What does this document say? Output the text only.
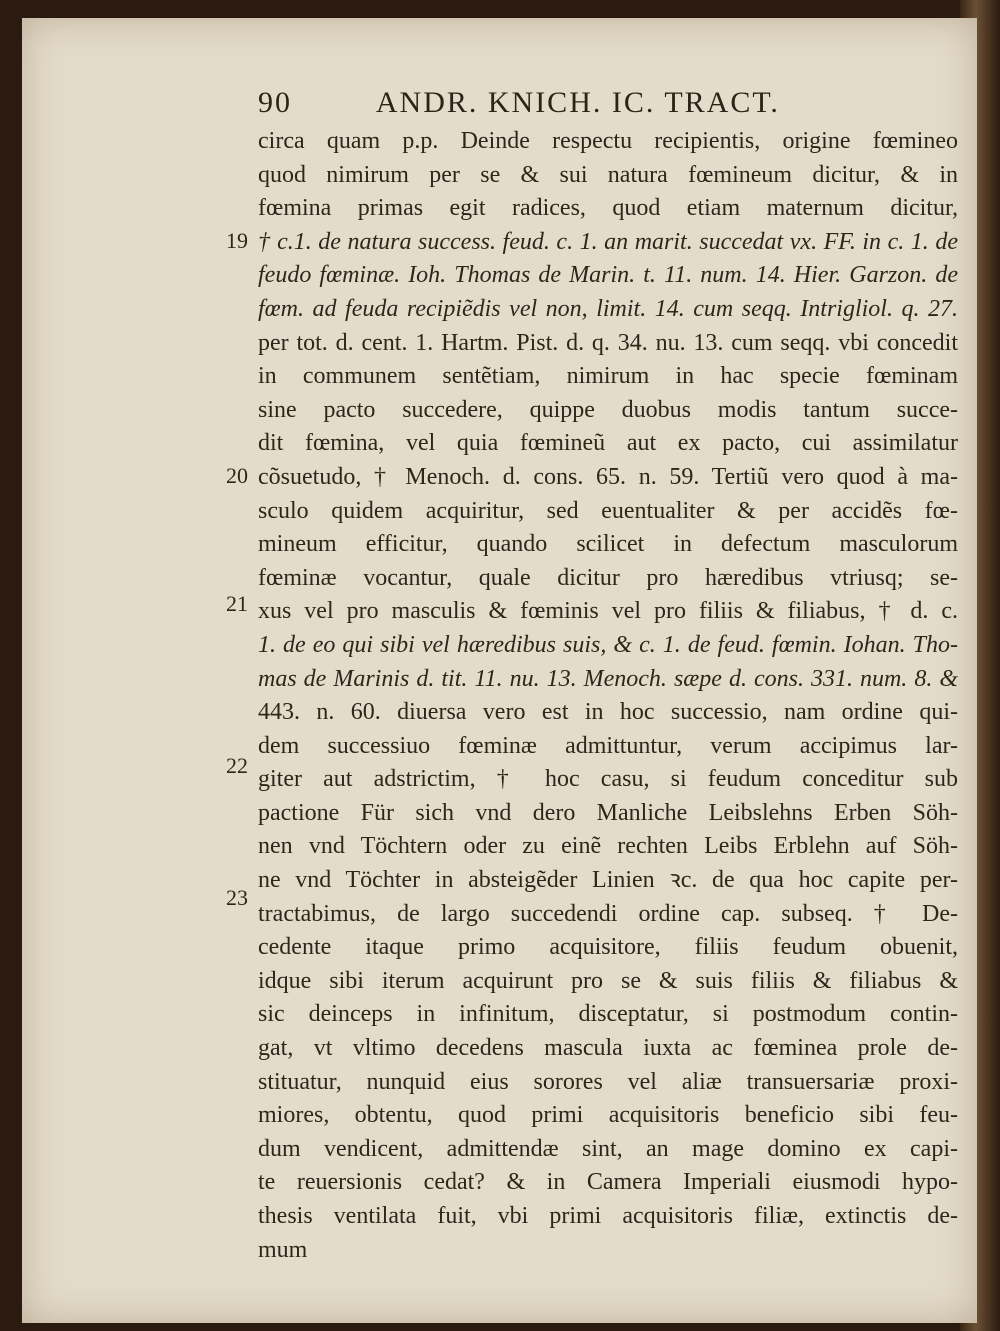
90	ANDR. KNICH. IC. TRACT.
19
20
21
22
23
circa quam p.p. Deinde respectu recipientis, origine fœmineo
quod nimirum per se & sui natura fœmineum dicitur, & in
fœmina primas egit radices, quod etiam maternum dicitur,
† c.1. de natura success. feud. c. 1. an marit. succedat vx. FF. in c. 1. de
feudo fœminæ. Ioh. Thomas de Marin. t. 11. num. 14. Hier. Garzon. de
fœm. ad feuda recipiẽdis vel non, limit. 14. cum seqq. Intrigliol. q. 27.
per tot. d. cent. 1. Hartm. Pist. d. q. 34. nu. 13. cum seqq. vbi concedit
in communem sentẽtiam, nimirum in hac specie fœminam
sine pacto succedere, quippe duobus modis tantum succe-
dit fœmina, vel quia fœmineũ aut ex pacto, cui assimilatur
cõsuetudo, † Menoch. d. cons. 65. n. 59. Tertiũ vero quod à ma-
sculo quidem acquiritur, sed euentualiter & per accidẽs fœ-
mineum efficitur, quando scilicet in defectum masculorum
fœminæ vocantur, quale dicitur pro hæredibus vtriusq; se-
xus vel pro masculis & fœminis vel pro filiis & filiabus, † d. c.
1. de eo qui sibi vel hæredibus suis, & c. 1. de feud. fœmin. Iohan. Tho-
mas de Marinis d. tit. 11. nu. 13. Menoch. sæpe d. cons. 331. num. 8. &
443. n. 60. diuersa vero est in hoc successio, nam ordine qui-
dem successiuo fœminæ admittuntur, verum accipimus lar-
giter aut adstrictim, † hoc casu, si feudum conceditur sub
pactione Für sich vnd dero Manliche Leibslehns Erben Söh-
nen vnd Töchtern oder zu einẽ rechten Leibs Erblehn auf Söh-
ne vnd Töchter in absteigẽder Linien ꝛc. de qua hoc capite per-
tractabimus, de largo succedendi ordine cap. subseq. † De-
cedente itaque primo acquisitore, filiis feudum obuenit,
idque sibi iterum acquirunt pro se & suis filiis & filiabus &
sic deinceps in infinitum, disceptatur, si postmodum contin-
gat, vt vltimo decedens mascula iuxta ac fœminea prole de-
stituatur, nunquid eius sorores vel aliæ transuersariæ proxi-
miores, obtentu, quod primi acquisitoris beneficio sibi feu-
dum vendicent, admittendæ sint, an mage domino ex capi-
te reuersionis cedat? & in Camera Imperiali eiusmodi hypo-
thesis ventilata fuit, vbi primi acquisitoris filiæ, extinctis de-
mum
